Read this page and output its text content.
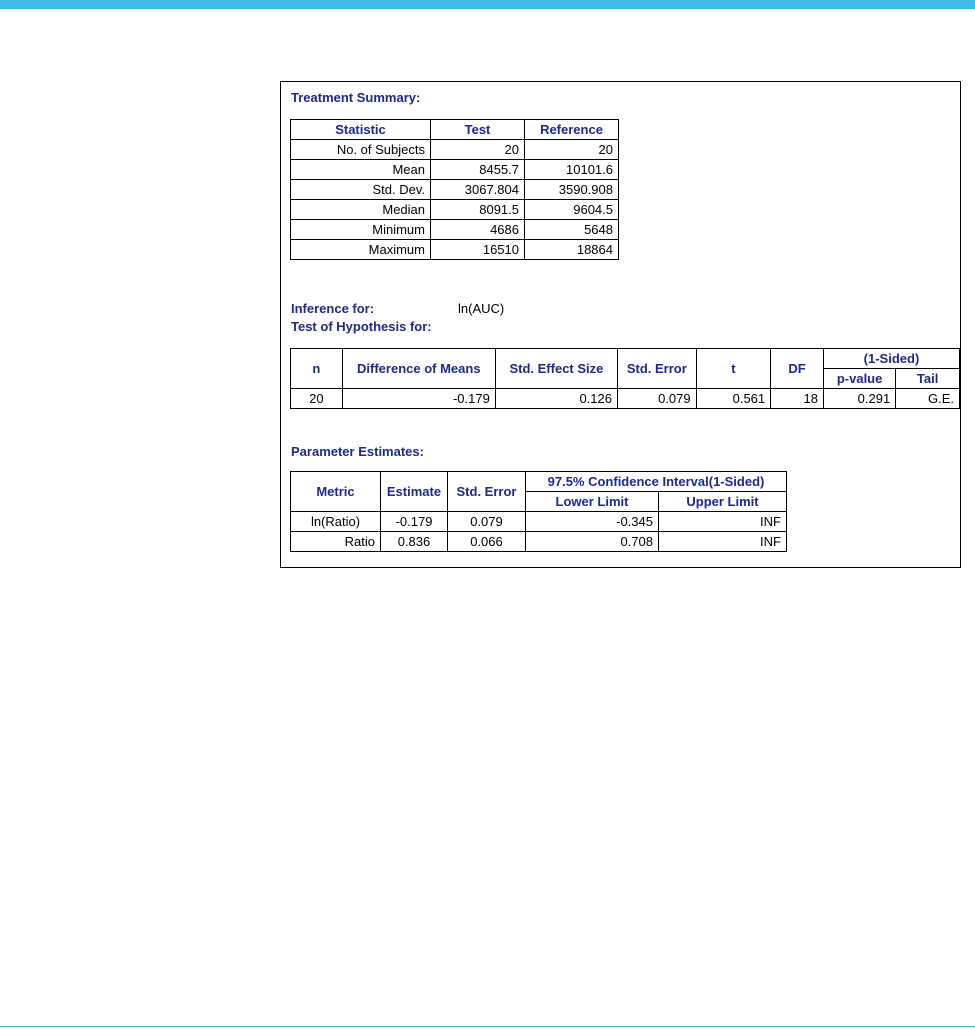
Treatment Summary:
Statistic	Test	Reference
No. of Subjects	20	20
Mean	8455.7	10101.6
Std. Dev.	3067.804	3590.908
Median	8091.5	9604.5
Minimum	4686	5648
Maximum	16510	18864
Inference for:	ln(AUC)
Test of Hypothesis for:
n	Difference of Means	Std. Effect Size	Std. Error	t	DF	(1-Sided)	
						p-value	Tail
20	-0.179	0.126	0.079	0.561	18	0.291	G.E.
Parameter Estimates:
Metric	Estimate	Std. Error	97.5% Confidence Interval(1-Sided)	
			Lower Limit	Upper Limit
ln(Ratio)	-0.179	0.079	-0.345	INF
Ratio	0.836	0.066	0.708	INF
